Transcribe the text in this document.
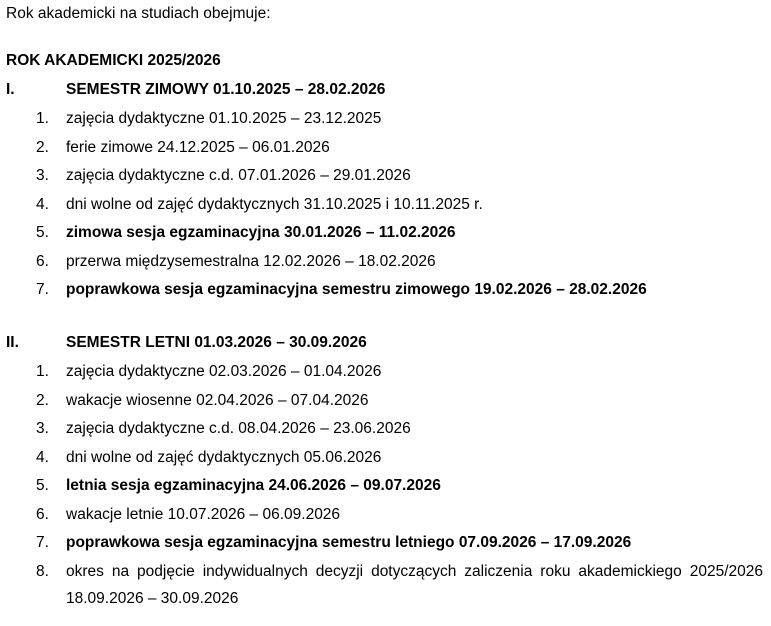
Rok akademicki na studiach obejmuje:
ROK AKADEMICKI 2025/2026
I.	SEMESTR ZIMOWY 01.10.2025 – 28.02.2026
1.	zajęcia dydaktyczne 01.10.2025 – 23.12.2025
2.	ferie zimowe 24.12.2025 – 06.01.2026
3.	zajęcia dydaktyczne c.d. 07.01.2026 – 29.01.2026
4.	dni wolne od zajęć dydaktycznych 31.10.2025 i 10.11.2025 r.
5.	zimowa sesja egzaminacyjna 30.01.2026 – 11.02.2026
6.	przerwa międzysemestralna 12.02.2026 – 18.02.2026
7.	poprawkowa sesja egzaminacyjna semestru zimowego 19.02.2026 – 28.02.2026
II.	SEMESTR LETNI 01.03.2026 – 30.09.2026
1.	zajęcia dydaktyczne 02.03.2026 – 01.04.2026
2.	wakacje wiosenne 02.04.2026 – 07.04.2026
3.	zajęcia dydaktyczne c.d. 08.04.2026 – 23.06.2026
4.	dni wolne od zajęć dydaktycznych 05.06.2026
5.	letnia sesja egzaminacyjna 24.06.2026 – 09.07.2026
6.	wakacje letnie 10.07.2026 – 06.09.2026
7.	poprawkowa sesja egzaminacyjna semestru letniego 07.09.2026 – 17.09.2026
8.	okres na podjęcie indywidualnych decyzji dotyczących zaliczenia roku akademickiego 2025/2026 18.09.2026 – 30.09.2026
